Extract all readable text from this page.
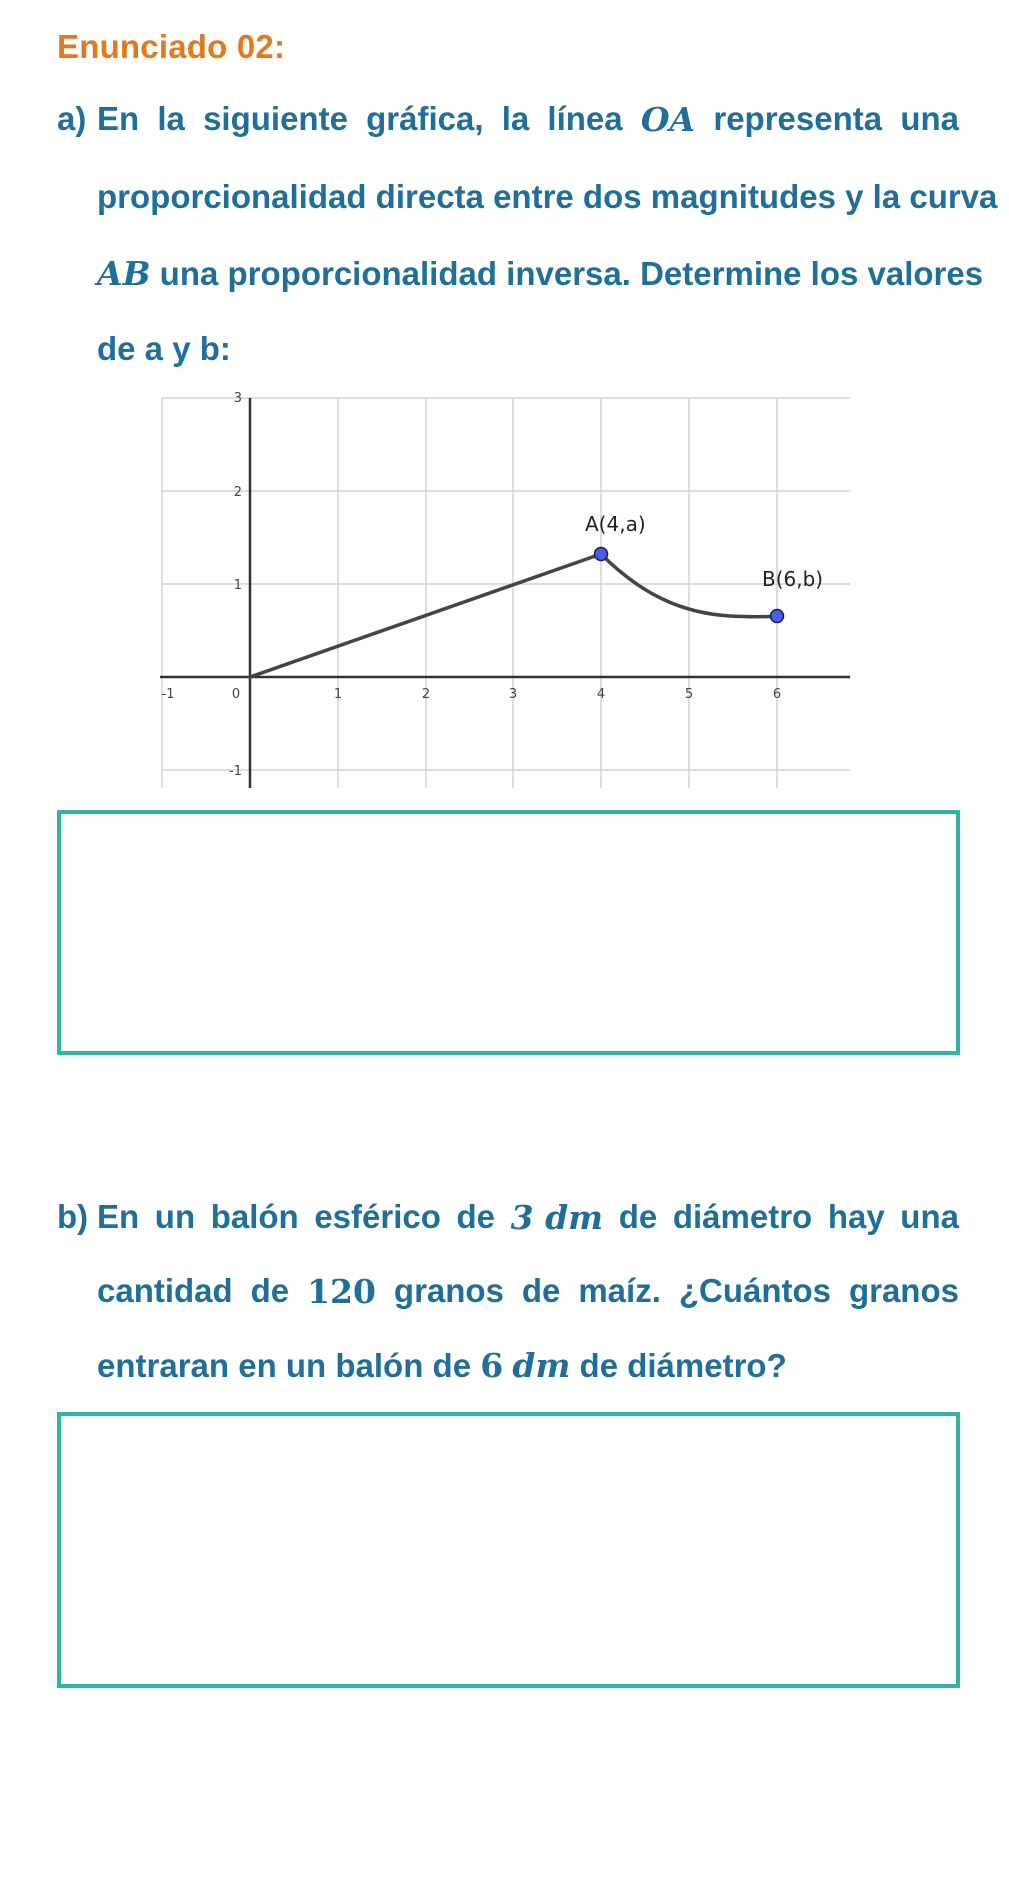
Enunciado 02:
a) En la siguiente gráfica, la línea OA representa una
proporcionalidad directa entre dos magnitudes y la curva
AB una proporcionalidad inversa. Determine los valores
de a y b:
-1	0	1	2	3	4	5	6
3
2
1
-1
A(4,a)
B(6,b)
b) En un balón esférico de 3 dm de diámetro hay una
cantidad de 120 granos de maíz. ¿Cuántos granos
entraran en un balón de 6 dm de diámetro?
